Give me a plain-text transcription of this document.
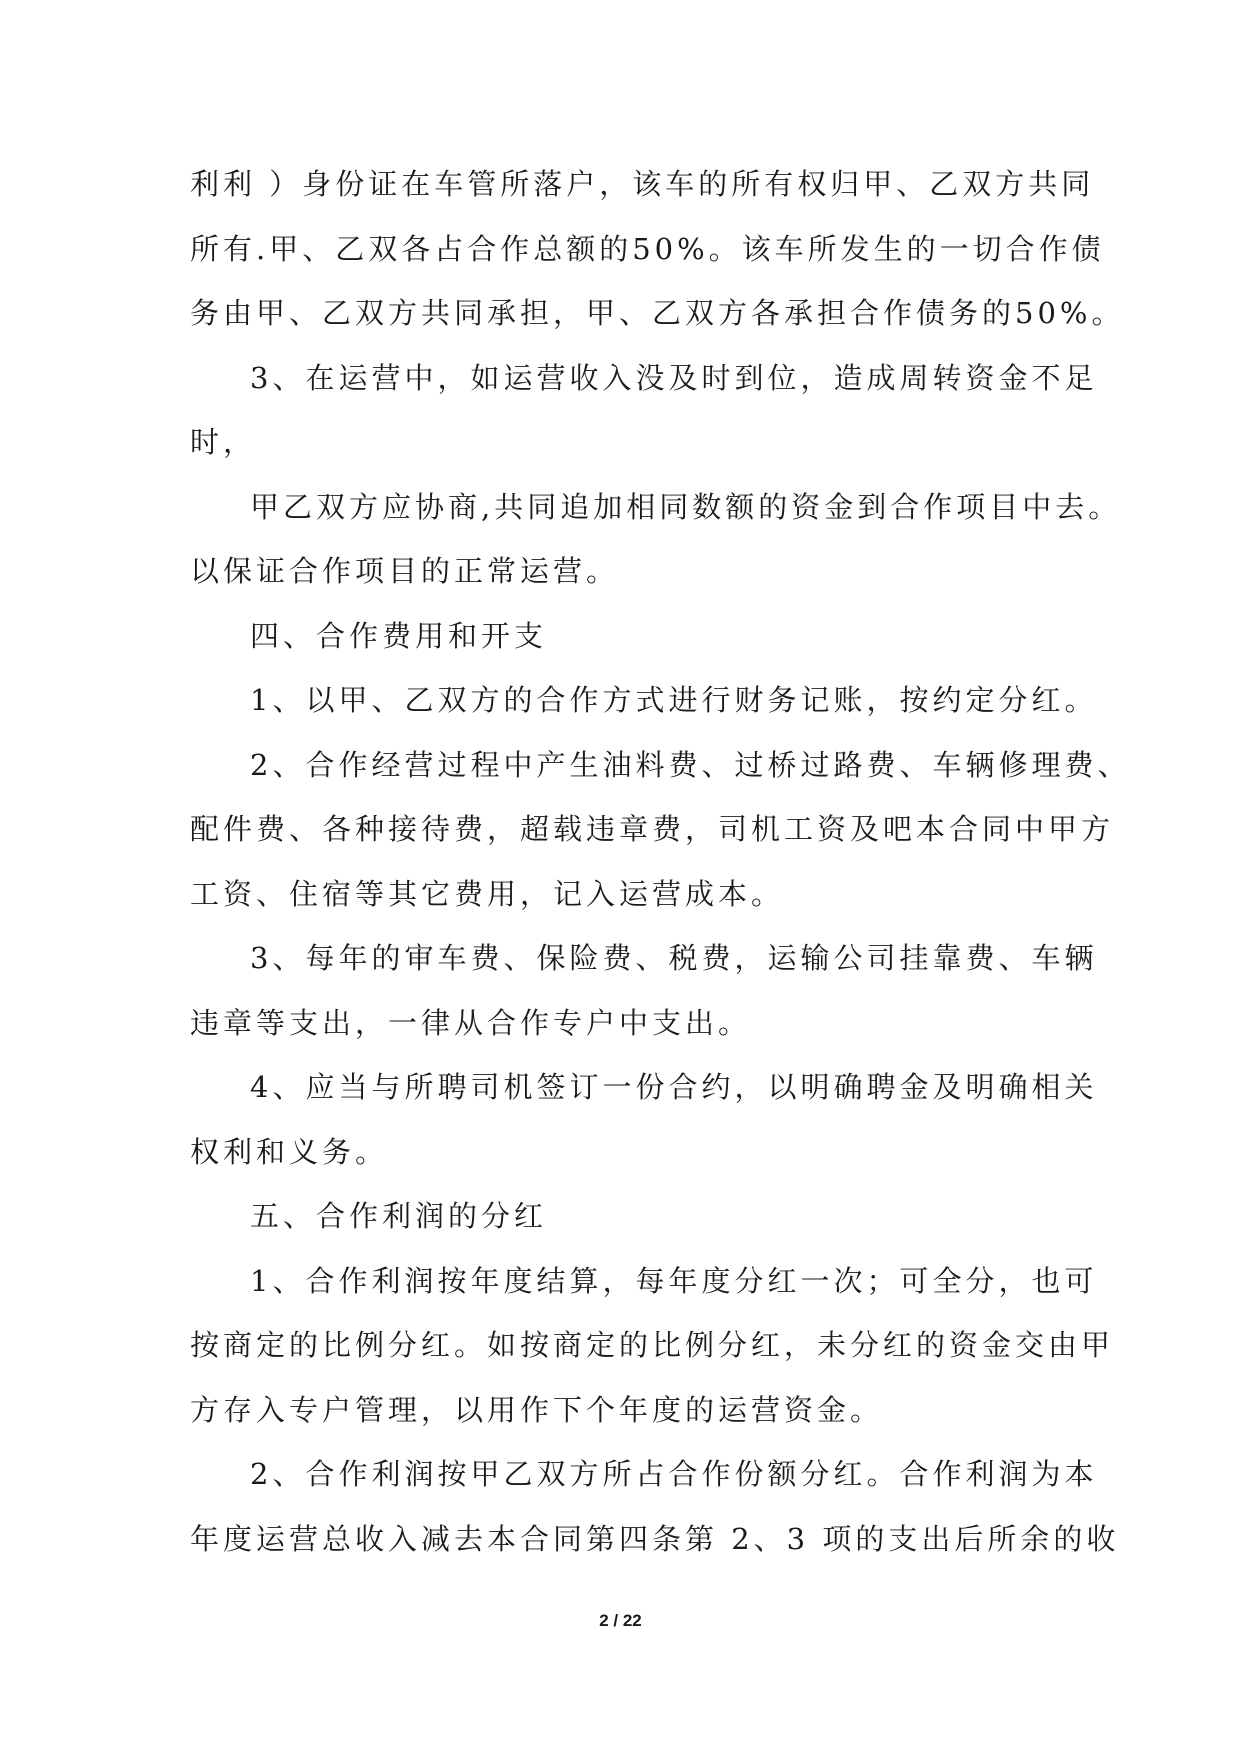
利利 ）身份证在车管所落户，该车的所有权归甲、乙双方共同
所有.甲、乙双各占合作总额的50%。该车所发生的一切合作债
务由甲、乙双方共同承担，甲、乙双方各承担合作债务的50%。
3、在运营中，如运营收入没及时到位，造成周转资金不足
时，
甲乙双方应协商,共同追加相同数额的资金到合作项目中去。
以保证合作项目的正常运营。
四、合作费用和开支
1、以甲、乙双方的合作方式进行财务记账，按约定分红。
2、合作经营过程中产生油料费、过桥过路费、车辆修理费、
配件费、各种接待费，超载违章费，司机工资及吧本合同中甲方
工资、住宿等其它费用，记入运营成本。
3、每年的审车费、保险费、税费，运输公司挂靠费、车辆
违章等支出，一律从合作专户中支出。
4、应当与所聘司机签订一份合约，以明确聘金及明确相关
权利和义务。
五、合作利润的分红
1、合作利润按年度结算，每年度分红一次；可全分，也可
按商定的比例分红。如按商定的比例分红，未分红的资金交由甲
方存入专户管理，以用作下个年度的运营资金。
2、合作利润按甲乙双方所占合作份额分红。合作利润为本
年度运营总收入减去本合同第四条第 2、3 项的支出后所余的收
2 / 22
